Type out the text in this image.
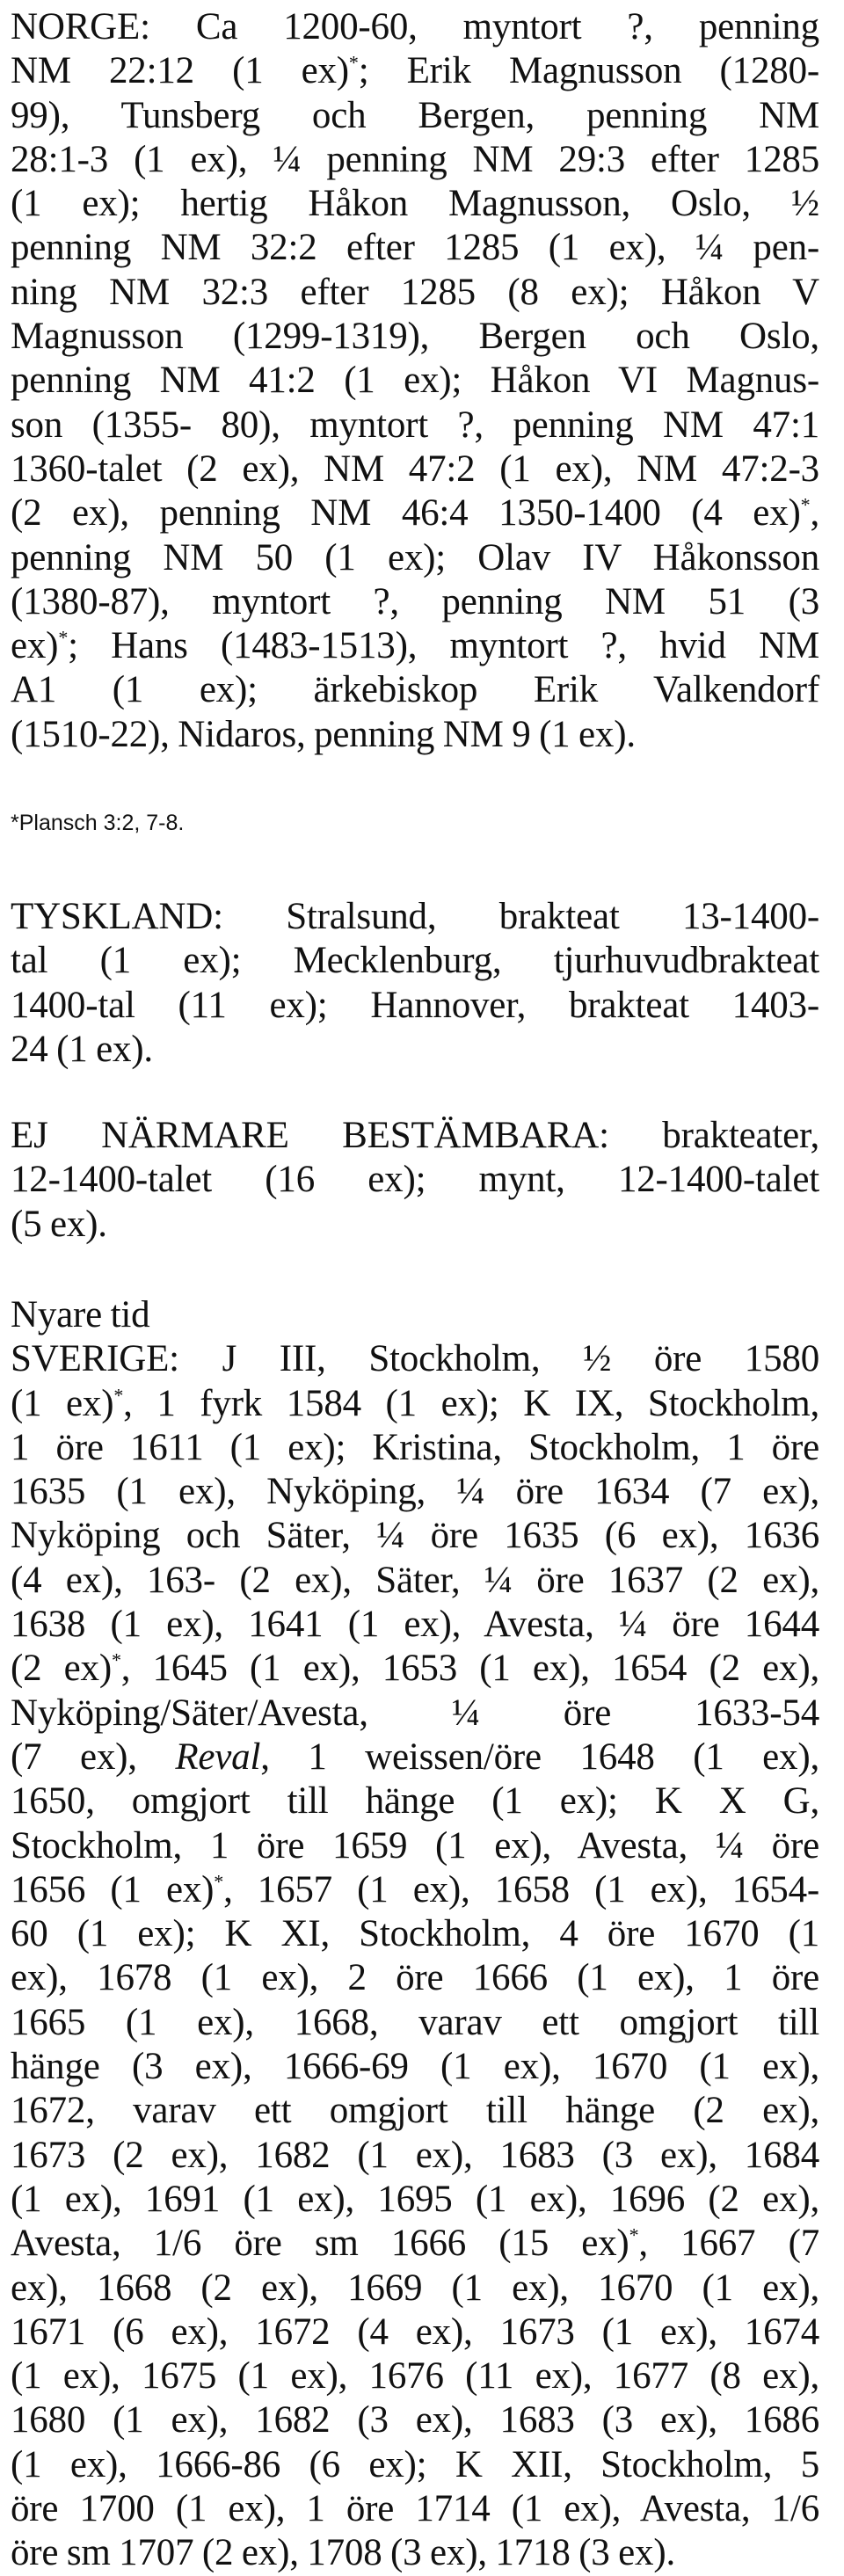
NORGE: Ca 1200-60, myntort ?, penning
NM 22:12 (1 ex)*; Erik Magnusson (1280-
99), Tunsberg och Bergen, penning NM
28:1-3 (1 ex), ¼ penning NM 29:3 efter 1285
(1 ex); hertig Håkon Magnusson, Oslo, ½
penning NM 32:2 efter 1285 (1 ex), ¼ pen-
ning NM 32:3 efter 1285 (8 ex); Håkon V
Magnusson (1299-1319), Bergen och Oslo,
penning NM 41:2 (1 ex); Håkon VI Magnus-
son (1355- 80), myntort ?, penning NM 47:1
1360-talet (2 ex), NM 47:2 (1 ex), NM 47:2-3
(2 ex), penning NM 46:4 1350-1400 (4 ex)*,
penning NM 50 (1 ex); Olav IV Håkonsson
(1380-87), myntort ?, penning NM 51 (3
ex)*; Hans (1483-1513), myntort ?, hvid NM
A1 (1 ex); ärkebiskop Erik Valkendorf
(1510-22), Nidaros, penning NM 9 (1 ex).
*Plansch 3:2, 7-8.
TYSKLAND: Stralsund, brakteat 13-1400-
tal (1 ex); Mecklenburg, tjurhuvudbrakteat
1400-tal (11 ex); Hannover, brakteat 1403-
24 (1 ex).
EJ NÄRMARE BESTÄMBARA: brakteater,
12-1400-talet (16 ex); mynt, 12-1400-talet
(5 ex).
Nyare tid
SVERIGE: J III, Stockholm, ½ öre 1580
(1 ex)*, 1 fyrk 1584 (1 ex); K IX, Stockholm,
1 öre 1611 (1 ex); Kristina, Stockholm, 1 öre
1635 (1 ex), Nyköping, ¼ öre 1634 (7 ex),
Nyköping och Säter, ¼ öre 1635 (6 ex), 1636
(4 ex), 163- (2 ex), Säter, ¼ öre 1637 (2 ex),
1638 (1 ex), 1641 (1 ex), Avesta, ¼ öre 1644
(2 ex)*, 1645 (1 ex), 1653 (1 ex), 1654 (2 ex),
Nyköping/Säter/Avesta, ¼ öre 1633-54
(7 ex), Reval, 1 weissen/öre 1648 (1 ex),
1650, omgjort till hänge (1 ex); K X G,
Stockholm, 1 öre 1659 (1 ex), Avesta, ¼ öre
1656 (1 ex)*, 1657 (1 ex), 1658 (1 ex), 1654-
60 (1 ex); K XI, Stockholm, 4 öre 1670 (1
ex), 1678 (1 ex), 2 öre 1666 (1 ex), 1 öre
1665 (1 ex), 1668, varav ett omgjort till
hänge (3 ex), 1666-69 (1 ex), 1670 (1 ex),
1672, varav ett omgjort till hänge (2 ex),
1673 (2 ex), 1682 (1 ex), 1683 (3 ex), 1684
(1 ex), 1691 (1 ex), 1695 (1 ex), 1696 (2 ex),
Avesta, 1/6 öre sm 1666 (15 ex)*, 1667 (7
ex), 1668 (2 ex), 1669 (1 ex), 1670 (1 ex),
1671 (6 ex), 1672 (4 ex), 1673 (1 ex), 1674
(1 ex), 1675 (1 ex), 1676 (11 ex), 1677 (8 ex),
1680 (1 ex), 1682 (3 ex), 1683 (3 ex), 1686
(1 ex), 1666-86 (6 ex); K XII, Stockholm, 5
öre 1700 (1 ex), 1 öre 1714 (1 ex), Avesta, 1/6
öre sm 1707 (2 ex), 1708 (3 ex), 1718 (3 ex).
